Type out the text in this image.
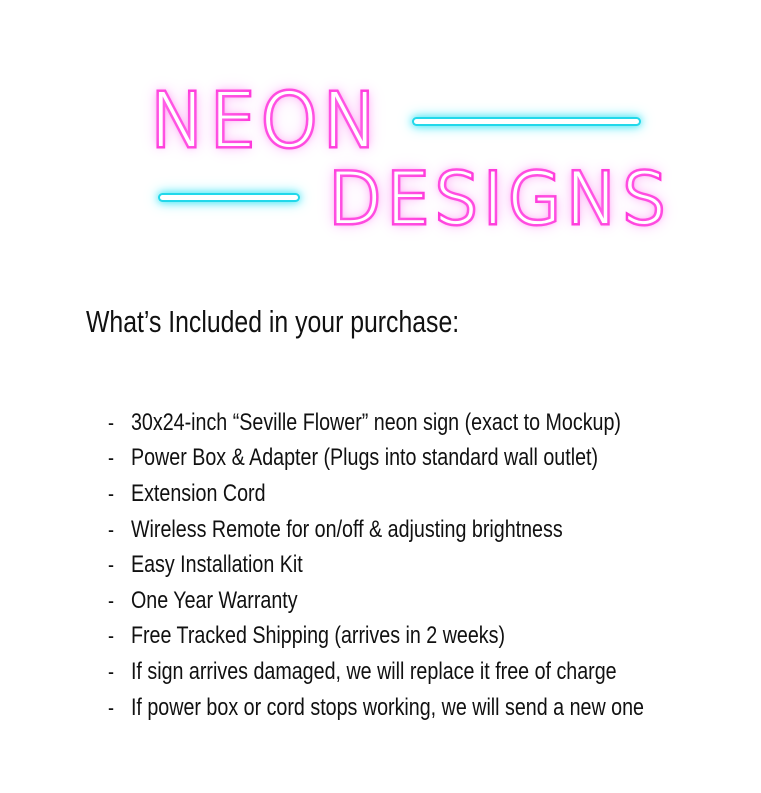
NEON
DESIGNS
What’s Included in your purchase:
- 30x24-inch “Seville Flower” neon sign (exact to Mockup)
- Power Box & Adapter (Plugs into standard wall outlet)
- Extension Cord
- Wireless Remote for on/off & adjusting brightness
- Easy Installation Kit
- One Year Warranty
- Free Tracked Shipping (arrives in 2 weeks)
- If sign arrives damaged, we will replace it free of charge
- If power box or cord stops working, we will send a new one
